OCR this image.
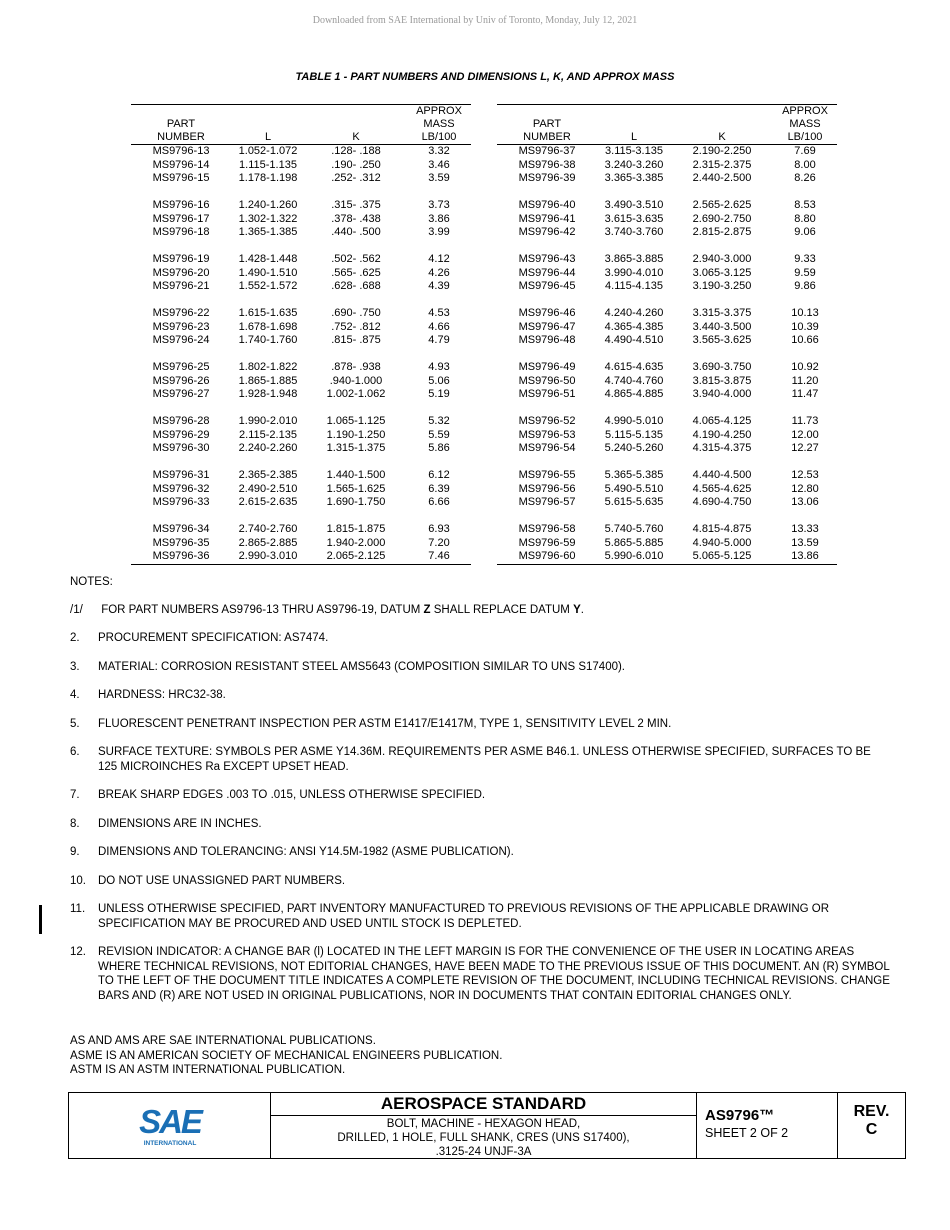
Downloaded from SAE International by Univ of Toronto, Monday, July 12, 2021
TABLE 1 - PART NUMBERS AND DIMENSIONS L, K, AND APPROX MASS

PART
NUMBER	L	K	APPROX
MASS
LB/100
MS9796-13	1.052-1.072	.128- .188	3.32
MS9796-14	1.115-1.135	.190- .250	3.46
MS9796-15	1.178-1.198	.252- .312	3.59

MS9796-16	1.240-1.260	.315- .375	3.73
MS9796-17	1.302-1.322	.378- .438	3.86
MS9796-18	1.365-1.385	.440- .500	3.99

MS9796-19	1.428-1.448	.502- .562	4.12
MS9796-20	1.490-1.510	.565- .625	4.26
MS9796-21	1.552-1.572	.628- .688	4.39

MS9796-22	1.615-1.635	.690- .750	4.53
MS9796-23	1.678-1.698	.752- .812	4.66
MS9796-24	1.740-1.760	.815- .875	4.79

MS9796-25	1.802-1.822	.878- .938	4.93
MS9796-26	1.865-1.885	.940-1.000	5.06
MS9796-27	1.928-1.948	1.002-1.062	5.19

MS9796-28	1.990-2.010	1.065-1.125	5.32
MS9796-29	2.115-2.135	1.190-1.250	5.59
MS9796-30	2.240-2.260	1.315-1.375	5.86

MS9796-31	2.365-2.385	1.440-1.500	6.12
MS9796-32	2.490-2.510	1.565-1.625	6.39
MS9796-33	2.615-2.635	1.690-1.750	6.66

MS9796-34	2.740-2.760	1.815-1.875	6.93
MS9796-35	2.865-2.885	1.940-2.000	7.20
MS9796-36	2.990-3.010	2.065-2.125	7.46

PART
NUMBER	L	K	APPROX
MASS
LB/100
MS9796-37	3.115-3.135	2.190-2.250	7.69
MS9796-38	3.240-3.260	2.315-2.375	8.00
MS9796-39	3.365-3.385	2.440-2.500	8.26

MS9796-40	3.490-3.510	2.565-2.625	8.53
MS9796-41	3.615-3.635	2.690-2.750	8.80
MS9796-42	3.740-3.760	2.815-2.875	9.06

MS9796-43	3.865-3.885	2.940-3.000	9.33
MS9796-44	3.990-4.010	3.065-3.125	9.59
MS9796-45	4.115-4.135	3.190-3.250	9.86

MS9796-46	4.240-4.260	3.315-3.375	10.13
MS9796-47	4.365-4.385	3.440-3.500	10.39
MS9796-48	4.490-4.510	3.565-3.625	10.66

MS9796-49	4.615-4.635	3.690-3.750	10.92
MS9796-50	4.740-4.760	3.815-3.875	11.20
MS9796-51	4.865-4.885	3.940-4.000	11.47

MS9796-52	4.990-5.010	4.065-4.125	11.73
MS9796-53	5.115-5.135	4.190-4.250	12.00
MS9796-54	5.240-5.260	4.315-4.375	12.27

MS9796-55	5.365-5.385	4.440-4.500	12.53
MS9796-56	5.490-5.510	4.565-4.625	12.80
MS9796-57	5.615-5.635	4.690-4.750	13.06

MS9796-58	5.740-5.760	4.815-4.875	13.33
MS9796-59	5.865-5.885	4.940-5.000	13.59
MS9796-60	5.990-6.010	5.065-5.125	13.86
NOTES:
/1/	FOR PART NUMBERS AS9796-13 THRU AS9796-19, DATUM Z SHALL REPLACE DATUM Y.
2.	PROCUREMENT SPECIFICATION: AS7474.
3.	MATERIAL: CORROSION RESISTANT STEEL AMS5643 (COMPOSITION SIMILAR TO UNS S17400).
4.	HARDNESS: HRC32-38.
5.	FLUORESCENT PENETRANT INSPECTION PER ASTM E1417/E1417M, TYPE 1, SENSITIVITY LEVEL 2 MIN.
6.	SURFACE TEXTURE: SYMBOLS PER ASME Y14.36M. REQUIREMENTS PER ASME B46.1. UNLESS OTHERWISE SPECIFIED, SURFACES TO BE 125 MICROINCHES Ra EXCEPT UPSET HEAD.
7.	BREAK SHARP EDGES .003 TO .015, UNLESS OTHERWISE SPECIFIED.
8.	DIMENSIONS ARE IN INCHES.
9.	DIMENSIONS AND TOLERANCING: ANSI Y14.5M-1982 (ASME PUBLICATION).
10.	DO NOT USE UNASSIGNED PART NUMBERS.
11.	UNLESS OTHERWISE SPECIFIED, PART INVENTORY MANUFACTURED TO PREVIOUS REVISIONS OF THE APPLICABLE DRAWING OR SPECIFICATION MAY BE PROCURED AND USED UNTIL STOCK IS DEPLETED.
12.	REVISION INDICATOR: A CHANGE BAR (l) LOCATED IN THE LEFT MARGIN IS FOR THE CONVENIENCE OF THE USER IN LOCATING AREAS WHERE TECHNICAL REVISIONS, NOT EDITORIAL CHANGES, HAVE BEEN MADE TO THE PREVIOUS ISSUE OF THIS DOCUMENT. AN (R) SYMBOL TO THE LEFT OF THE DOCUMENT TITLE INDICATES A COMPLETE REVISION OF THE DOCUMENT, INCLUDING TECHNICAL REVISIONS. CHANGE BARS AND (R) ARE NOT USED IN ORIGINAL PUBLICATIONS, NOR IN DOCUMENTS THAT CONTAIN EDITORIAL CHANGES ONLY.
AS AND AMS ARE SAE INTERNATIONAL PUBLICATIONS.
ASME IS AN AMERICAN SOCIETY OF MECHANICAL ENGINEERS PUBLICATION.
ASTM IS AN ASTM INTERNATIONAL PUBLICATION.
SAE
INTERNATIONAL
AEROSPACE STANDARD
BOLT, MACHINE - HEXAGON HEAD,
DRILLED, 1 HOLE, FULL SHANK, CRES (UNS S17400),
.3125-24 UNJF-3A
AS9796™
SHEET 2 OF 2
REV.
C
